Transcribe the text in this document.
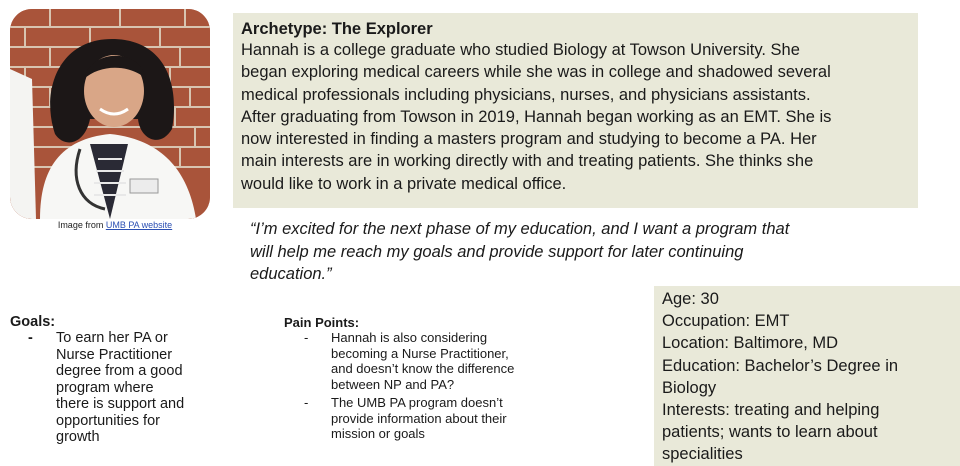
Image from UMB PA website
Archetype: The Explorer
Hannah is a college graduate who studied Biology at Towson University. She
began exploring medical careers while she was in college and shadowed several
medical professionals including physicians, nurses, and physicians assistants.
After graduating from Towson in 2019, Hannah began working as an EMT. She is
now interested in finding a masters program and studying to become a PA. Her
main interests are in working directly with and treating patients. She thinks she
would like to work in a private medical office.
“I’m excited for the next phase of my education, and I want a program that
will help me reach my goals and provide support for later continuing
education.”
Goals:
- To earn her PA or
Nurse Practitioner
degree from a good
program where
there is support and
opportunities for
growth
Pain Points:
- Hannah is also considering
becoming a Nurse Practitioner,
and doesn’t know the difference
between NP and PA?
- The UMB PA program doesn’t
provide information about their
mission or goals
Age: 30
Occupation: EMT
Location: Baltimore, MD
Education: Bachelor’s Degree in
Biology
Interests: treating and helping
patients; wants to learn about
specialities
